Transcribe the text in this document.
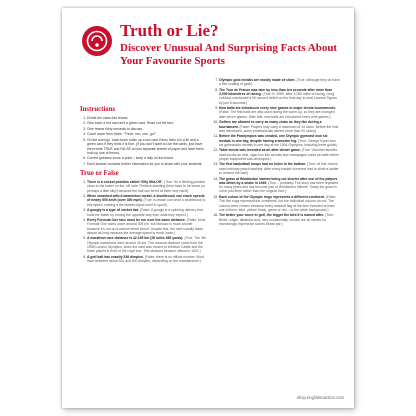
Truth or Lie?
Discover Unusual And Surprising Facts About Your Favourite Sports
Instructions
1. Divide the class into teams.
2. Give each a red card and a green card. Read out the fact.
3. Give teams thirty seconds to discuss.
4. Count down from three: “Three, two, one, go!”
5. On the word go, each team holds up a red card if they think it is a lie and a green card if they think it is true. (If you don’t want to use the cards, just have them write TRUE and FALSE on two separate sheets of paper and have them hold up one of these).
6. Correct guesses score a point – keep a tally on the board.
7. Each answer contains further information for you to share with your students.
True or False
1. There is a cricket position called ‘Silly Mid-Off’. (True: It’s a fielding position close to the batter on the ‘off’ side. Fielders standing there have to be brave (or perhaps a little silly!) because the ball can be hit at them very hard!)
2. When smashed with a badminton racket, a shuttlecock can reach speeds of nearly 500 km/h (over 300 mph). (True: A smash can send a shuttlecock to this speed, making it the fastest object used in sport!)
3. A googly is a type of cricket bat. (False: A googly is a spinning delivery that fools the batter by turning the opposite way from what they expect.)
4. Every Formula One race must be run over the same distance. (False: Most Formula One races cover around 305 km, but Monaco is much shorter because it’s run on a narrow street circuit. Despite this, the race usually takes almost as long because the average speed is much lower.)
5. A marathon race distance is 42.195 km (26 miles 385 yards). (True: The ‘life Olympic marathons were around 40 km. The unusual distance came from the 1908 London Olympics, when the start was moved to Windsor Castle and the finish placed in front of the royal box. This distance became official in 1921.)
6. A golf ball has exactly 336 dimples. (False: there is no official number. Most have between about 300 and 500 dimples, depending on the manufacturer.)
7. Olympic gold medals are mostly made of silver. (True: although they do have a thin coating of gold!)
8. The Tour de France was won by less than ten seconds after more than 3,000 kilometres of racing. (True: In 1989, after 3,285 miles of racing, Greg LeMond overturned a 50-second deficit on the final day to beat Laurent Fignon by just 8 seconds.)
9. New balls are introduced every nine games in major tennis tournaments. (False: The first balls are also used during the warm-up, so they are changed after seven games. After that, new balls are introduced every nine games.)
10. Golfers are allowed to carry as many clubs as they like during a tournament. (False: Players may carry a maximum of 14 clubs. Before the limit was introduced, some professionals carried more than 20 clubs!)
11. Before the Paralympics was created, one Olympic gymnast won six medals in one day, despite having a wooden leg. (True: George Eyser won six gymnastics medals in one day at the 1904 Olympics, including three golds!)
12. Table tennis was invented as an after dinner game. (True: Victorian families used books as nets, cigar box lids as bats and champagne corks as balls before proper equipment was developed.)
13. The first basketball hoops had no holes in the bottom. (True: At first, teams used ordinary peach baskets. After every basket someone had to climb a ladder to retrieve the ball!)
14. The grass at Wimbledon started being cut shorter after one of the players was bitten by a snake in 1949. (True – probably! The story has been repeated for many years and has become part of Wimbledon folklore. Today the grass is cut to just 8mm rather than the original 2cm.)
15. Each colour of the Olympic rings represents a different continent. (False: The five rings represent the continents, but the individual colours do not. The colours were chosen because every national flag at the time included at least one of them: blue, yellow, black, green or red – or the white background.)
16. The better your score in golf, the bigger the bird it is named after. (True: Birdie, eagle, albatross and, very occasionally, condor are all names for increasingly impressive scores below par.)
shop.englishtoaction.com
